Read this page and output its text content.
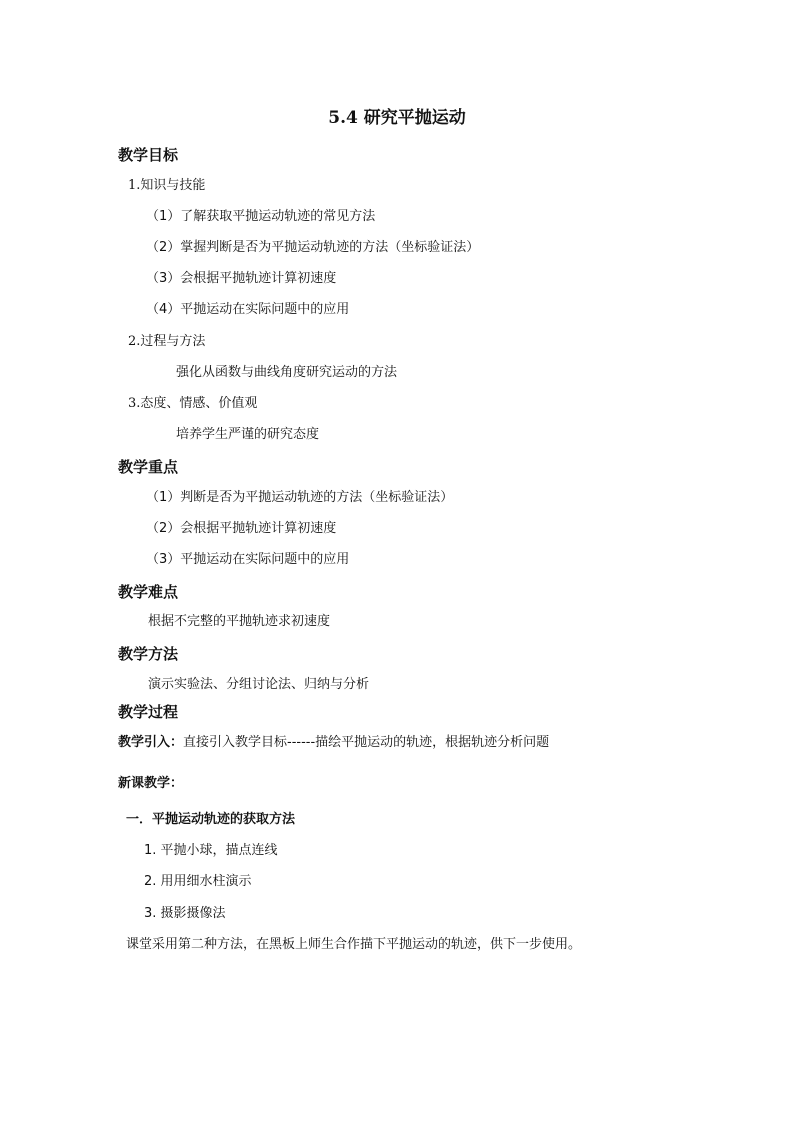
5.4 研究平抛运动
教学目标
1.知识与技能
（1）了解获取平抛运动轨迹的常见方法
（2）掌握判断是否为平抛运动轨迹的方法（坐标验证法）
（3）会根据平抛轨迹计算初速度
（4）平抛运动在实际问题中的应用
2.过程与方法
强化从函数与曲线角度研究运动的方法
3.态度、情感、价值观
培养学生严谨的研究态度
教学重点
（1）判断是否为平抛运动轨迹的方法（坐标验证法）
（2）会根据平抛轨迹计算初速度
（3）平抛运动在实际问题中的应用
教学难点
根据不完整的平抛轨迹求初速度
教学方法
演示实验法、分组讨论法、归纳与分析
教学过程
教学引入：直接引入教学目标------描绘平抛运动的轨迹，根据轨迹分析问题
新课教学：
一．平抛运动轨迹的获取方法
1. 平抛小球，描点连线
2. 用用细水柱演示
3. 摄影摄像法
课堂采用第二种方法，在黑板上师生合作描下平抛运动的轨迹，供下一步使用。
